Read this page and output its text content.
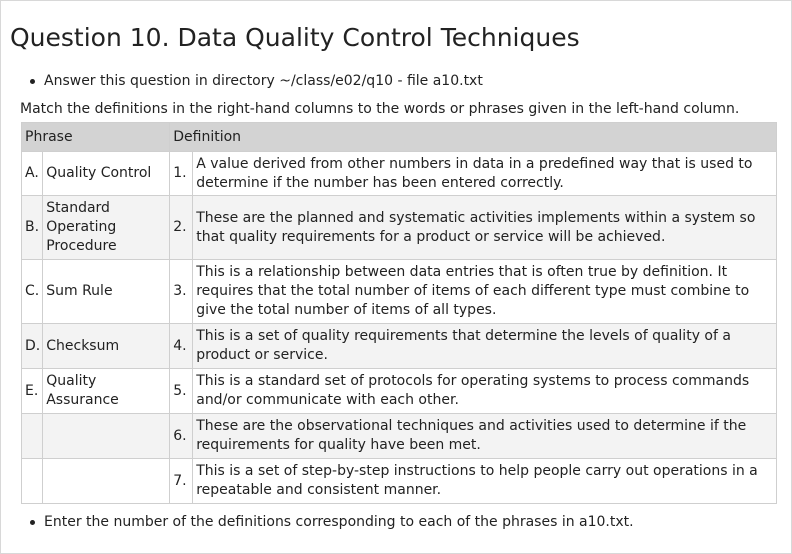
Question 10. Data Quality Control Techniques
Answer this question in directory ~/class/e02/q10 - file a10.txt
Match the definitions in the right-hand columns to the words or phrases given in the left-hand column.
Phrase		Definition	
A.	Quality Control	1.	A value derived from other numbers in data in a predefined way that is used to determine if the number has been entered correctly.
B.	Standard Operating Procedure	2.	These are the planned and systematic activities implements within a system so that quality requirements for a product or service will be achieved.
C.	Sum Rule	3.	This is a relationship between data entries that is often true by definition. It requires that the total number of items of each different type must combine to give the total number of items of all types.
D.	Checksum	4.	This is a set of quality requirements that determine the levels of quality of a product or service.
E.	Quality Assurance	5.	This is a standard set of protocols for operating systems to process commands and/or communicate with each other.
		6.	These are the observational techniques and activities used to determine if the requirements for quality have been met.
		7.	This is a set of step-by-step instructions to help people carry out operations in a repeatable and consistent manner.
Enter the number of the definitions corresponding to each of the phrases in a10.txt.
